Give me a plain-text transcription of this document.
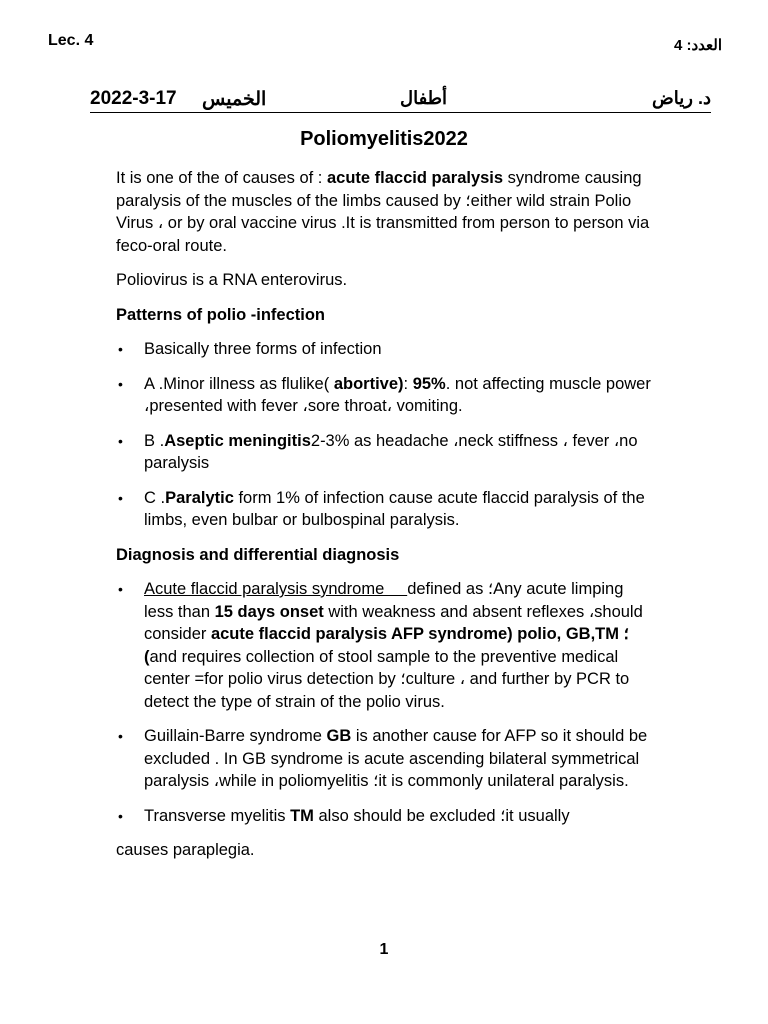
Lec. 4	العدد: 4
2022-3-17 الخميس	أطفال	د. رياض
Poliomyelitis2022

It is one of the of causes of : acute flaccid paralysis syndrome causing paralysis of the muscles of the limbs caused by ؛either wild strain Polio Virus ، or by oral vaccine virus .It is transmitted from person to person via feco-oral route.

Poliovirus is a RNA enterovirus.

Patterns of polio -infection

• Basically three forms of infection
• A .Minor illness as flulike( abortive): 95%. not affecting muscle power ،presented with fever ،sore throat، vomiting.
• B .Aseptic meningitis2-3% as headache ،neck stiffness ، fever ،no paralysis
• C .Paralytic form 1% of infection cause acute flaccid paralysis of the limbs, even bulbar or bulbospinal paralysis.

Diagnosis and differential diagnosis

• Acute flaccid paralysis syndrome     defined as ؛Any acute limping less than 15 days onset with weakness and absent reflexes ،should consider acute flaccid paralysis AFP syndrome) polio, GB,TM ؛(and requires collection of stool sample to the preventive medical center =for polio virus detection by ؛culture ، and further by PCR to detect the type of strain of the polio virus.
• Guillain-Barre syndrome GB is another cause for AFP so it should be excluded . In GB syndrome is acute ascending bilateral symmetrical paralysis ،while in poliomyelitis ؛it is commonly unilateral paralysis.
• Transverse myelitis TM also should be excluded ؛it usually

causes paraplegia.

1
